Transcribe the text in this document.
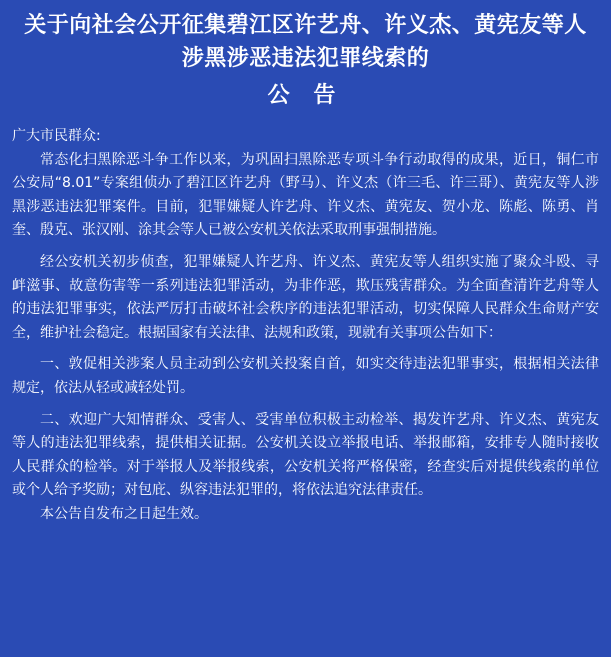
关于向社会公开征集碧江区许艺舟、许义杰、黄宪友等人
涉黑涉恶违法犯罪线索的
公 告

广大市民群众:

常态化扫黑除恶斗争工作以来，为巩固扫黑除恶专项斗争行动取得的成果，近日，铜仁市公安局“8.01”专案组侦办了碧江区许艺舟（野马）、许义杰（许三毛、许三哥）、黄宪友等人涉黑涉恶违法犯罪案件。目前，犯罪嫌疑人许艺舟、许义杰、黄宪友、贺小龙、陈彪、陈勇、肖奎、殷克、张汉刚、涂其会等人已被公安机关依法采取刑事强制措施。

经公安机关初步侦查，犯罪嫌疑人许艺舟、许义杰、黄宪友等人组织实施了聚众斗殴、寻衅滋事、故意伤害等一系列违法犯罪活动，为非作恶，欺压残害群众。为全面查清许艺舟等人的违法犯罪事实，依法严厉打击破坏社会秩序的违法犯罪活动，切实保障人民群众生命财产安全，维护社会稳定。根据国家有关法律、法规和政策，现就有关事项公告如下：

一、敦促相关涉案人员主动到公安机关投案自首，如实交待违法犯罪事实，根据相关法律规定，依法从轻或减轻处罚。

二、欢迎广大知情群众、受害人、受害单位积极主动检举、揭发许艺舟、许义杰、黄宪友等人的违法犯罪线索，提供相关证据。公安机关设立举报电话、举报邮箱，安排专人随时接收人民群众的检举。对于举报人及举报线索，公安机关将严格保密，经查实后对提供线索的单位或个人给予奖励；对包庇、纵容违法犯罪的，将依法追究法律责任。

本公告自发布之日起生效。
